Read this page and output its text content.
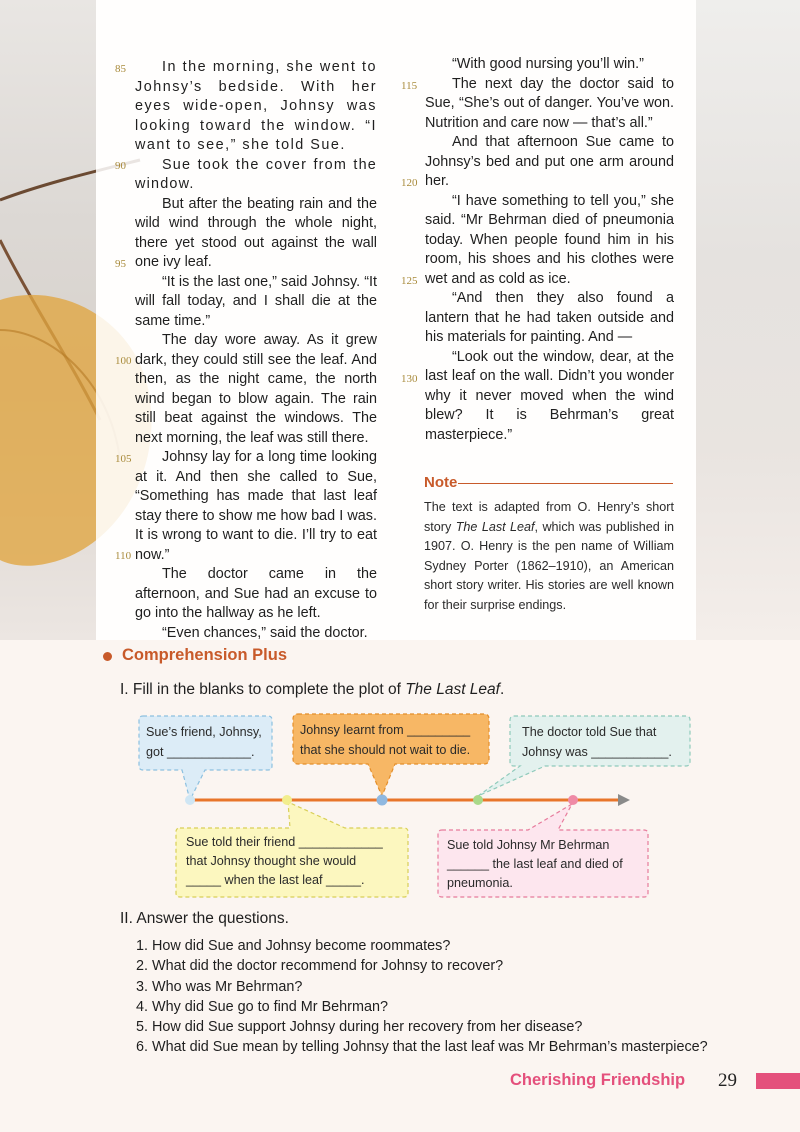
85
90
95
100
105
110
115
120
125
130

In the morning, she went to Johnsy’s bedside. With her eyes wide-open, Johnsy was looking toward the window. “I want to see,” she told Sue.

Sue took the cover from the window.

But after the beating rain and the wild wind through the whole night, there yet stood out against the wall one ivy leaf.

“It is the last one,” said Johnsy. “It will fall today, and I shall die at the same time.”

The day wore away. As it grew dark, they could still see the leaf. And then, as the night came, the north wind began to blow again. The rain still beat against the windows. The next morning, the leaf was still there.

Johnsy lay for a long time looking at it. And then she called to Sue, “Something has made that last leaf stay there to show me how bad I was. It is wrong to want to die. I’ll try to eat now.”

The doctor came in the afternoon, and Sue had an excuse to go into the hallway as he left.

“Even chances,” said the doctor.

“With good nursing you’ll win.”

The next day the doctor said to Sue, “She’s out of danger. You’ve won. Nutrition and care now — that’s all.”

And that afternoon Sue came to Johnsy’s bed and put one arm around her.

“I have something to tell you,” she said. “Mr Behrman died of pneumonia today. When people found him in his room, his shoes and his clothes were wet and as cold as ice.

“And then they also found a lantern that he had taken outside and his materials for painting. And —

“Look out the window, dear, at the last leaf on the wall. Didn’t you wonder why it never moved when the wind blew? It is Behrman’s great masterpiece.”

Note
The text is adapted from O. Henry’s short story The Last Leaf, which was published in 1907. O. Henry is the pen name of William Sydney Porter (1862–1910), an American short story writer. His stories are well known for their surprise endings.
Comprehension Plus
I. Fill in the blanks to complete the plot of The Last Leaf.
Sue’s friend, Johnsy,
got ____________.
Johnsy learnt from _________
that she should not wait to die.
The doctor told Sue that
Johnsy was ___________.
Sue told their friend ____________
that Johnsy thought she would
_____ when the last leaf _____.
Sue told Johnsy Mr Behrman
______ the last leaf and died of
pneumonia.
II. Answer the questions.
1. How did Sue and Johnsy become roommates?
2. What did the doctor recommend for Johnsy to recover?
3. Who was Mr Behrman?
4. Why did Sue go to find Mr Behrman?
5. How did Sue support Johnsy during her recovery from her disease?
6. What did Sue mean by telling Johnsy that the last leaf was Mr Behrman’s masterpiece?
Cherishing Friendship 29
